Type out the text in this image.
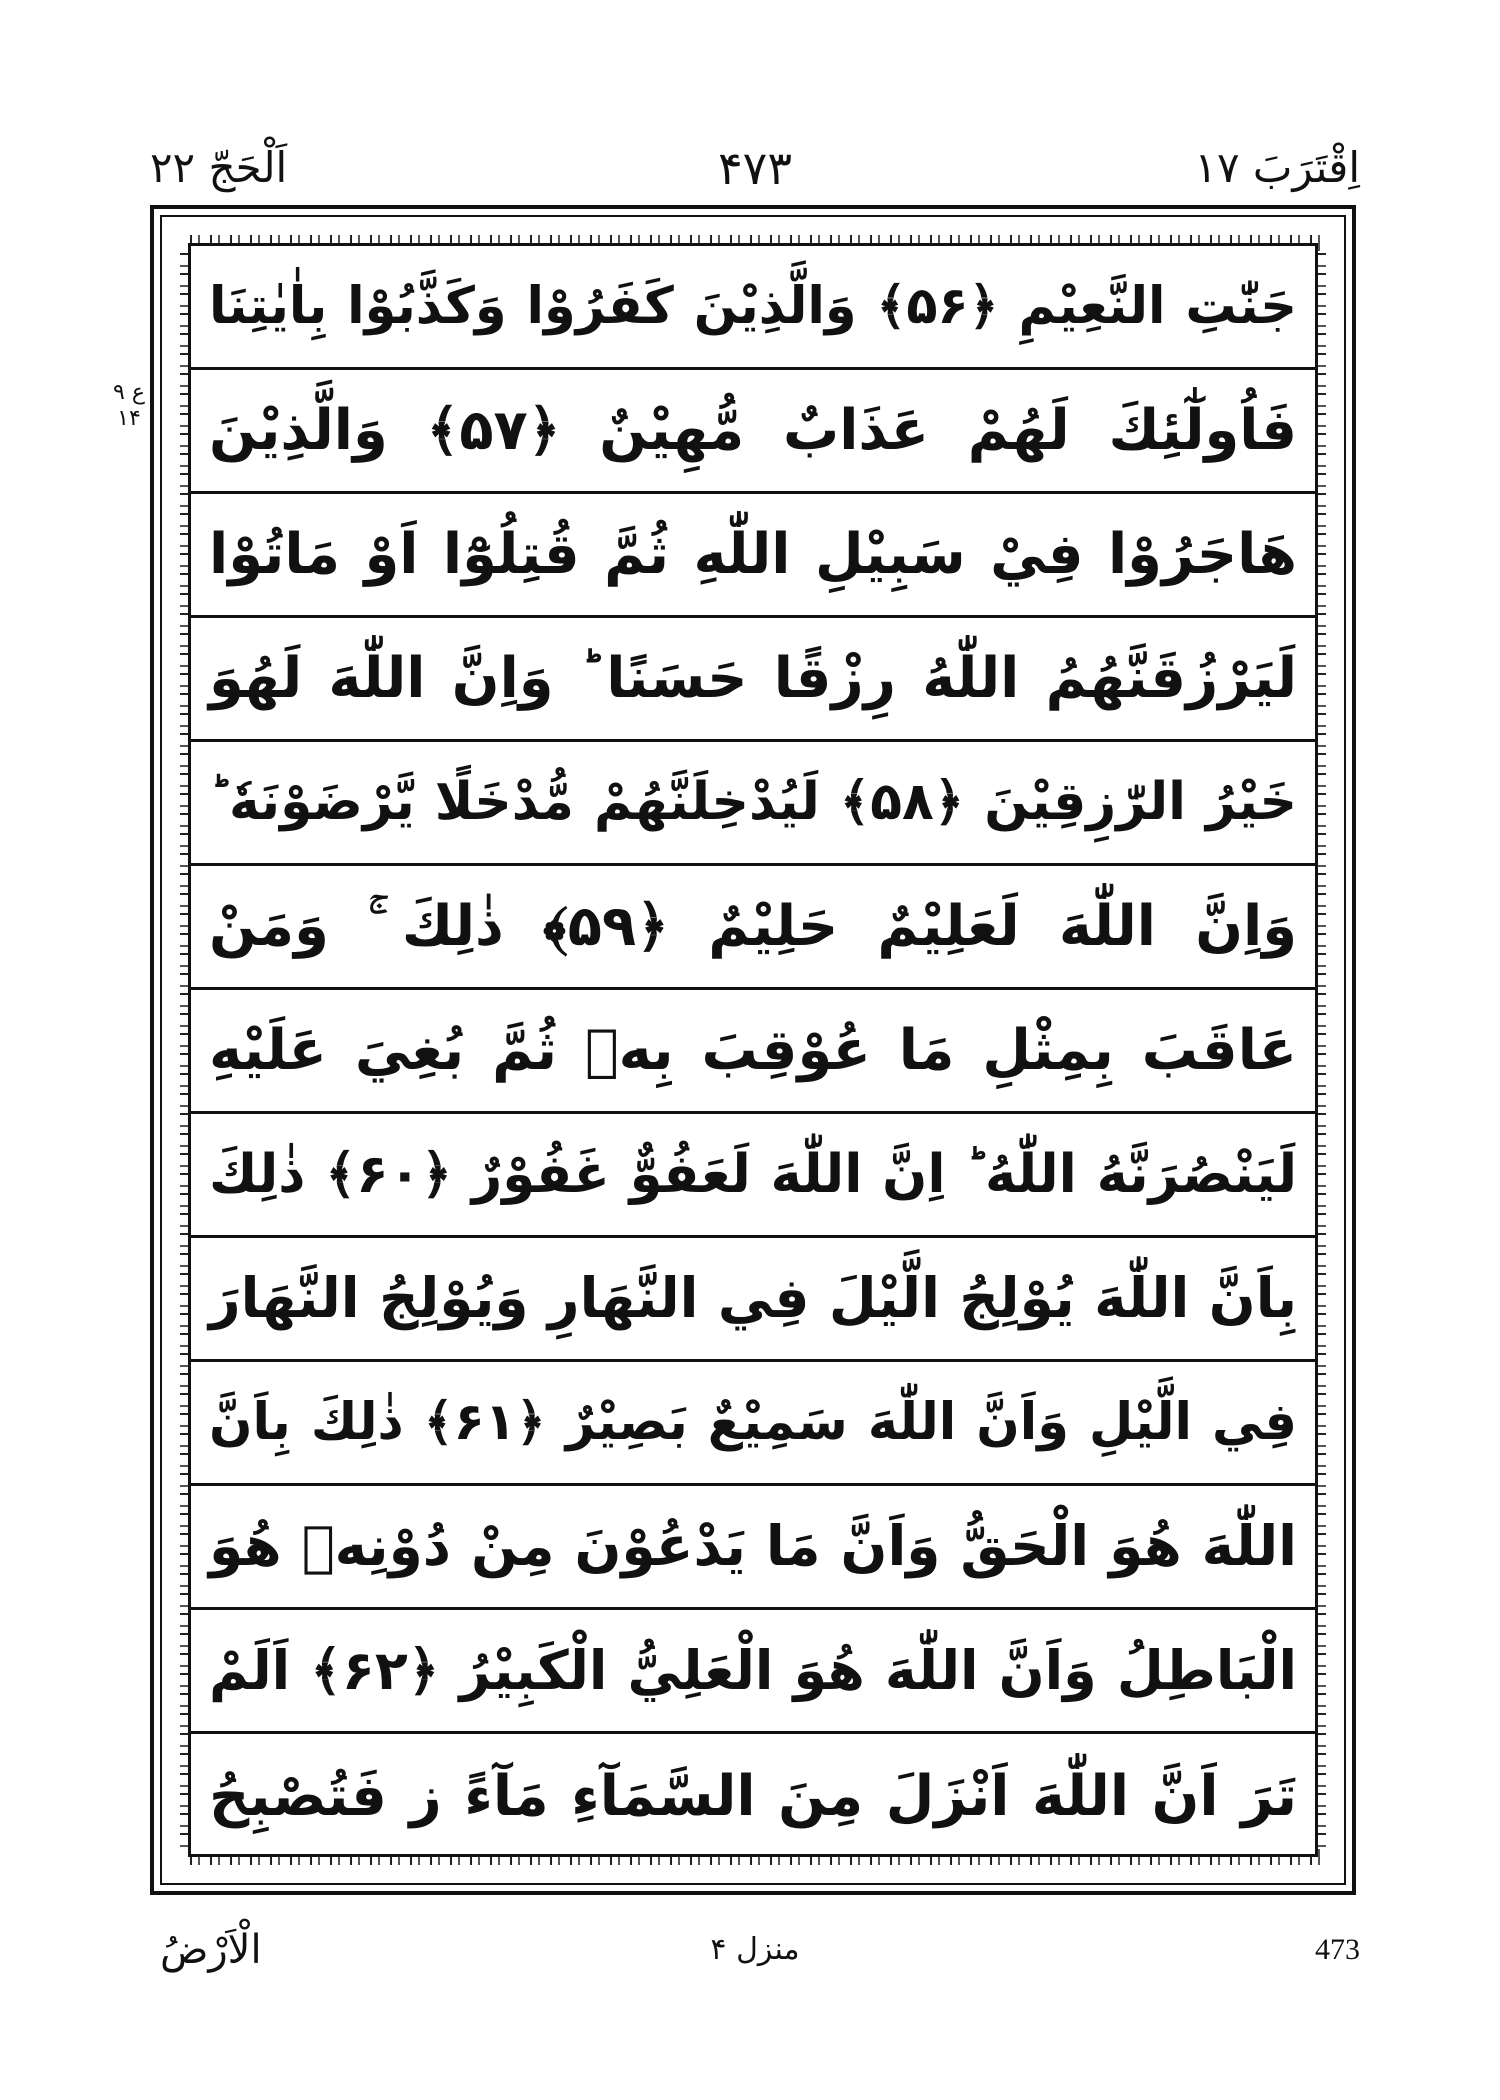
اَلْحَجّ ۲۲	۴۷۳	اِقْتَرَبَ ۱۷
ع ۹ ۱۴
جَنّٰتِ النَّعِيْمِ ﴿۵۶﴾ وَالَّذِيْنَ كَفَرُوْا وَكَذَّبُوْا بِاٰيٰتِنَا
فَاُولٰٓئِكَ لَهُمْ عَذَابٌ مُّهِيْنٌ ﴿۵۷﴾ وَالَّذِيْنَ
هَاجَرُوْا فِيْ سَبِيْلِ اللّٰهِ ثُمَّ قُتِلُوْٓا اَوْ مَاتُوْا
لَيَرْزُقَنَّهُمُ اللّٰهُ رِزْقًا حَسَنًا ؕ وَاِنَّ اللّٰهَ لَهُوَ
خَيْرُ الرّٰزِقِيْنَ ﴿۵۸﴾ لَيُدْخِلَنَّهُمْ مُّدْخَلًا يَّرْضَوْنَهٗ ؕ
وَاِنَّ اللّٰهَ لَعَلِيْمٌ حَلِيْمٌ ﴿۵۹﴾ ذٰلِكَ ۚ وَمَنْ
عَاقَبَ بِمِثْلِ مَا عُوْقِبَ بِهٖ ثُمَّ بُغِيَ عَلَيْهِ
لَيَنْصُرَنَّهُ اللّٰهُ ؕ اِنَّ اللّٰهَ لَعَفُوٌّ غَفُوْرٌ ﴿۶۰﴾ ذٰلِكَ
بِاَنَّ اللّٰهَ يُوْلِجُ الَّيْلَ فِي النَّهَارِ وَيُوْلِجُ النَّهَارَ
فِي الَّيْلِ وَاَنَّ اللّٰهَ سَمِيْعٌ بَصِيْرٌ ﴿۶۱﴾ ذٰلِكَ بِاَنَّ
اللّٰهَ هُوَ الْحَقُّ وَاَنَّ مَا يَدْعُوْنَ مِنْ دُوْنِهٖ هُوَ
الْبَاطِلُ وَاَنَّ اللّٰهَ هُوَ الْعَلِيُّ الْكَبِيْرُ ﴿۶۲﴾ اَلَمْ
تَرَ اَنَّ اللّٰهَ اَنْزَلَ مِنَ السَّمَآءِ مَآءً ز فَتُصْبِحُ
الْاَرْضُ	منزل ۴	473
